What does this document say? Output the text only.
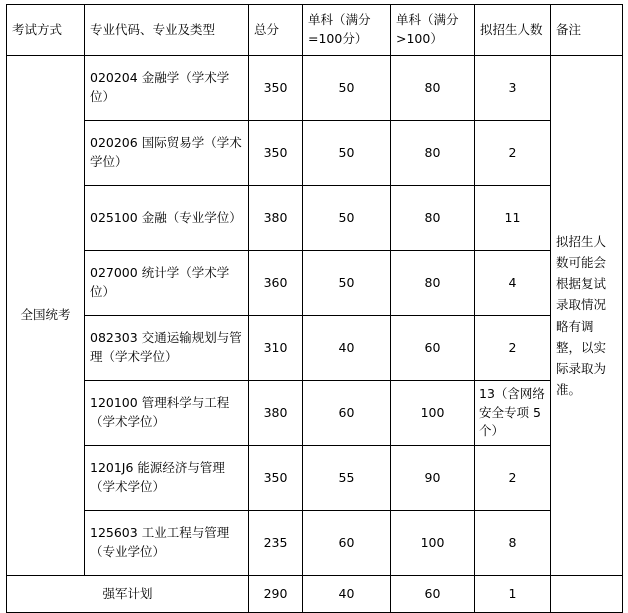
考试方式	专业代码、专业及类型	总分	单科（满分=100分）	单科（满分>100）	拟招生人数	备注
全国统考	020204 金融学（学术学位）	350	50	80	3	拟招生人数可能会根据复试录取情况略有调整，以实际录取为准。
	020206 国际贸易学（学术学位）	350	50	80	2	
	025100 金融（专业学位）	380	50	80	11	
	027000 统计学（学术学位）	360	50	80	4	
	082303 交通运输规划与管理（学术学位）	310	40	60	2	
	120100 管理科学与工程（学术学位）	380	60	100	13（含网络安全专项 5 个）	
	1201J6 能源经济与管理（学术学位）	350	55	90	2	
	125603 工业工程与管理（专业学位）	235	60	100	8	
强军计划		290	40	60	1	
